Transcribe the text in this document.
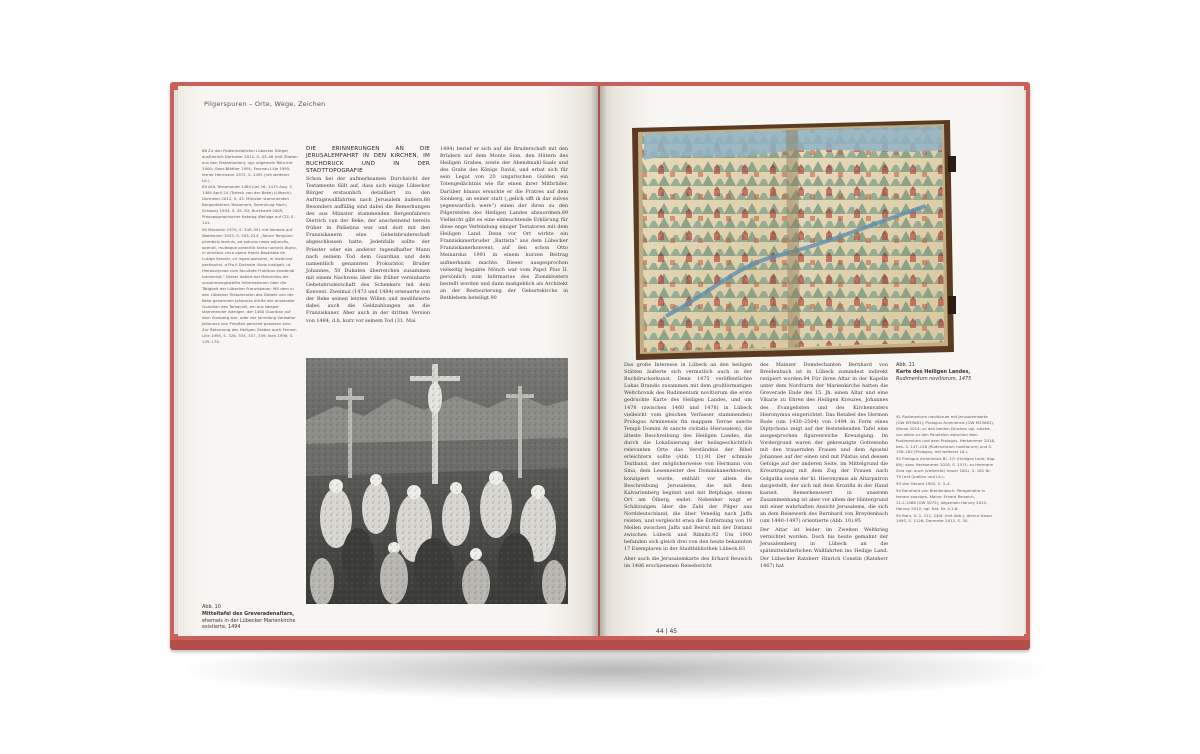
Pilgerspuren – Orte, Wege, Zeichen

88 Zu den Palästinafahrten Lübecker Bürger ausführlich Dormeier 2012, S. 43–46 (mit Zitaten aus den Testamenten); vgl. allgemein Röhricht 1900; Ganz-Blättler 1991; Favreau-Lilie 1995; ferner Herrmann 1972, S. 249f. (mit weiterer Lit.).

89 AHL Testamente 1484 Juni 16, 1473 Aug. 3, 1484 April 24 (Tydeck van der Beke) (Lübeck). Dormeier 2012, S. 43. Münster stammenden Bergenfahrers Testament, Sammlung Hach; Schwarz 1994, S. 45, 83; Burkhardt 2009, Prosopographischer Katalog (Beilage auf CD) S. 141.

90 Morantin 1970, S. 349–351 mit Verweis auf Waldmann 1933, S. 203–224; „Totum Templum plumbeis laminis, ad saturas nexis adjunctis, operuit, multaque praeclitti tanto nominis digna, in omnibus circa opera fratris Baptistae de Lukiga Seronti, vir ingenuosissimi, in medicina peritissimi, a Pio II Dictante illudo instigati, ut Hierosolymae cum facultate Fratribus evadendi transmisit.“ Dieser datiert bei Melnerdus die zusammengestellte Informationen über die Tätigkeit der Lübecker Franziskaner. Mit dem in den Lübecker Testamenten des Dübelk von der Beke genannten Johannes dürfte der anstandte Guardian des Tomacelli, ein aus Neapel stammender Adeliger, der 1480 Guardian auf dem Sionberg war, oder der Jahrelang Verwalter Johannes von Preußen gemeint gewesen sein. Zur Betreuung des Heiligen Grabes auch Fenner-Lilie 1995, S. 326, 334, 337, 339; Iken 1998, S. 139–170.

DIE ERINNERUNGEN AN DIE JERUSALEMFAHRT IN DEN KIRCHEN, IM BUCHDRUCK UND IN DER STADTTOPOGRAFIE

Schon bei der aufmerksamen Durchsicht der Testamente fällt auf, dass sich einige Lübecker Bürger erstaunlich detailliert zu den Auftragswallfahrten nach Jerusalem äußern.88 Besonders auffällig sind dabei die Bemerkungen des aus Münster stammenden Bergenfahrers Dietrich van der Beke, der anscheinend bereits früher in Palästina war und dort mit den Franziskanern eine Gebetsbruderschaft abgeschlossen hatte. Jedenfalls sollte der Priester oder ein anderer tugendhafter Mann nach seinem Tod dem Guardian und dem namentlich genannten Prokurator, Bruder Johannes, 50 Dukaten überreichen zusammen mit einem Nachweis über die früher vereinbarte Gebetsbruderschaft des Schenkers mit dem Konvent. Zweimal (1473 und 1484) erneuerte von der Beke seinen letzten Willen und modifizierte dabei auch die Geldzahlungen an die Franziskaner. Aber auch in der dritten Version von 1484, d.h. kurz vor seinem Tod (31. Mai

1484) berief er sich auf die Bruderschaft mit den Brüdern auf dem Monte Sion, den Hütern des Heiligen Grabes, sowie der Abendmahl-Saals und des Grabs des Königs David, und erbat sich für sein Legat von 20 ungarischen Gulden ein Totengedächtnis wie für einen ihrer Mitbrüder. Darüber hinaus ersuchte er die Fratres auf dem Sionberg, an seiner statt („gelick offt ik dar sulves yegenwardich were“) einen der ihren zu den Pilgerstelen des Heiligen Landes abzuordnen.89 Vielleicht gibt es eine einleuchtende Erklärung für diese enge Verbindung einiger Testatoren mit dem Heiligen Land. Denn vor Ort wirkte ein Franziskanerbruder „Battista“ aus dem Lübecker Franziskanerkonvent, auf den schon Otto Meinardus 1991 in einem kurzen Beitrag aufmerksam machte. Dieser ausgesprochen vielseitig begabte Mönch war vom Papst Pius II. persönlich zum Infirmarius des Zionsklosters bestellt worden und dann maßgeblich als Architekt an der Restaurierung der Geburtskirche in Bethlehem beteiligt.90

Abb. 10
Mitteltafel des Greveradenaltars,
ehemals in der Lübecker Marienkirche existierte, 1494

Das große Interesse in Lübeck an den heiligen Stätten äußerte sich vermutlich auch in der Buchdruckerkunst. Denn 1475 veröffentlichte Lukas Brandis zusammen mit dem großformatigen Weltchronik des Rudimentum novitiorum die erste gedruckte Karte des Heiligen Landes, und um 1478 (zwischen 1460 und 1478) in Lübeck vielleicht vom gleichen Verfasser stammenden) Prologus Arminensis fin mappam Terrae sancte Templi Domini At sancte civitatis Hierusalem), die älteste Beschreibung des Heiligen Landes, die durch die Lokalisierung der heilsgeschichtlich relevanten Orte das Verständnis der Bibel erleichtern sollte (Abb. 11).91 Der schmale Textband, der möglicherweise von Hermann von Sina, dem Lesemeister des Dominikanerklosters, konzipiert wurde, enthält vor allem die Beschreibung Jerusalems, die mit dem Kalvarienberg beginnt und mit Betphage, einem Ort am Ölberg, endet. Nebenher wagt er Schätzungen über die Zahl der Pilger aus Norddeutschland, die über Venedig nach Jaffa reisten, und vergleicht etwa die Entfernung von 18 Meilen zwischen Jaffa und Beirut mit der Distanz zwischen Lübeck und Ribnitz.92 Um 1900 befanden sich gleich drei von den heute bekannten 17 Exemplaren in der Stadtbibliothek Lübeck.93

Aber auch die Jerusalemkarte des Erhard Reuwich im 1486 erschienenen Reisebericht

des Mainzer Domdechanten Bernhard von Breidenbach ist in Lübeck zumindest indirekt rezipiert worden.94 Für ihren Altar in der Kapelle unter dem Nordturm der Marienkirche hatten die Greverade Ende des 15. Jh. einen Altar und eine Vikarie zu Ehren des Heiligen Kreuzes, Johannes des Evangelisten und des Kirchenvaters Hieronymus eingerichtet. Das Retabel des Hermen Rode (um 1430–2504) von 1494 in Form eines Diptychons zeigt auf der feststehenden Tafel eine ausgesprochen figurenreiche Kreuzigung. Im Vordergrund waren der gekreuzigte Gottessohn mit den trauernden Frauen und dem Apostel Johannes auf der einen und mit Pilatus und dessen Gefolge auf der anderen Seite, im Mittelgrund die Kreuztragung mit dem Zug der Frauen nach Golgatha sowie der hl. Hieronymus als Altarpatron dargestellt, der sich mit dem Kruzifix in der Hand kasteit. Bemerkenswert in unserem Zusammenhang ist aber vor allem der Hintergrund mit einer wahrhaften Ansicht Jerusalems, die sich an dem Reisewerk des Bernhard von Breydenbach (um 1440–1497) orientierte (Abb. 10).95

Der Altar ist leider im Zweiten Weltkrieg vernichtet worden. Doch bis heute gemahnt der Jerusalemberg in Lübeck an die spätmittelalterlichen Wallfahrten ins Heilige Land. Der Lübecker Ratsherr Hinrich Constin (Ratsherr 1467) hat

Abb. 11
Karte des Heiligen Landes,
Rudimentum novitiorum, 1475

91 Rudimentum novitiorum mit Jerusalemkarte (GW M39061); Prologus Arminensis (GW M33063); Wrona 2014; zu den beiden Drucken vgl. zuletzt, vor allem zu den Parallelen zwischen dem Rudimentum und dem Prologus, Herkommer 2018, bes. S. 147–156 (Rudimentum novitiorum) und S. 156–162 (Prologus, mit weiterer Lit.).

92 Prologus Arminensis Bl. 17r (Heiliges Land, Kap. 89); dazu Herkommer 2018, S. 157f.; zu Hermann Sina vgl. auch (vielleicht) Hauer 2001, S. 181 Nr. 79 (mit Quellen und Lit.).

93 Von Gerard 1903, S. 3–4.

94 Bernhard von Breidenbach: Peregrinatio in terram sanctam, Mainz: Erhard Reuwich, 11.2.1486 (GW 5075); allgemein Harvey 2012; Harvey 2012; vgl. Kat. Nr. 4.1.6.

95 Bahr, S. 2, 211, 240f. (mit Abb.); Alimur Hauer 1993, S. 1126; Dormeier 2012, S. 50.

44 | 45
